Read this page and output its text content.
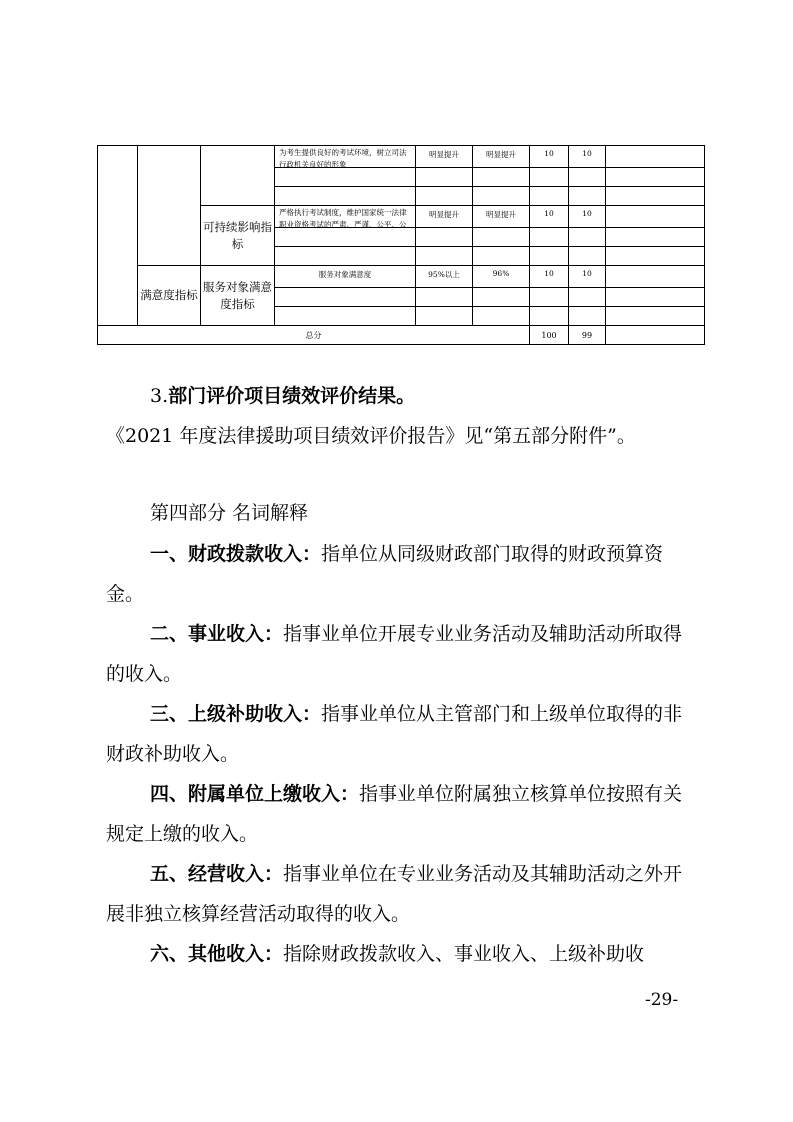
			为考生提供良好的考试环境，树立司法行政机关良好的形象	明显提升	明显提升	10	10	

		可持续影响指标	严格执行考试制度，维护国家统一法律职业资格考试的严肃、严谨、公平、公	明显提升	明显提升	10	10	

	满意度指标	服务对象满意度指标	服务对象满意度	95%以上	96%	10	10	

总分						100	99	
3.部门评价项目绩效评价结果。
《2021 年度法律援助项目绩效评价报告》见“第五部分附件”。
第四部分 名词解释

一、财政拨款收入：指单位从同级财政部门取得的财政预算资金。

二、事业收入：指事业单位开展专业业务活动及辅助活动所取得的收入。

三、上级补助收入：指事业单位从主管部门和上级单位取得的非财政补助收入。

四、附属单位上缴收入：指事业单位附属独立核算单位按照有关规定上缴的收入。

五、经营收入：指事业单位在专业业务活动及其辅助活动之外开展非独立核算经营活动取得的收入。

六、其他收入：指除财政拨款收入、事业收入、上级补助收

-29-
